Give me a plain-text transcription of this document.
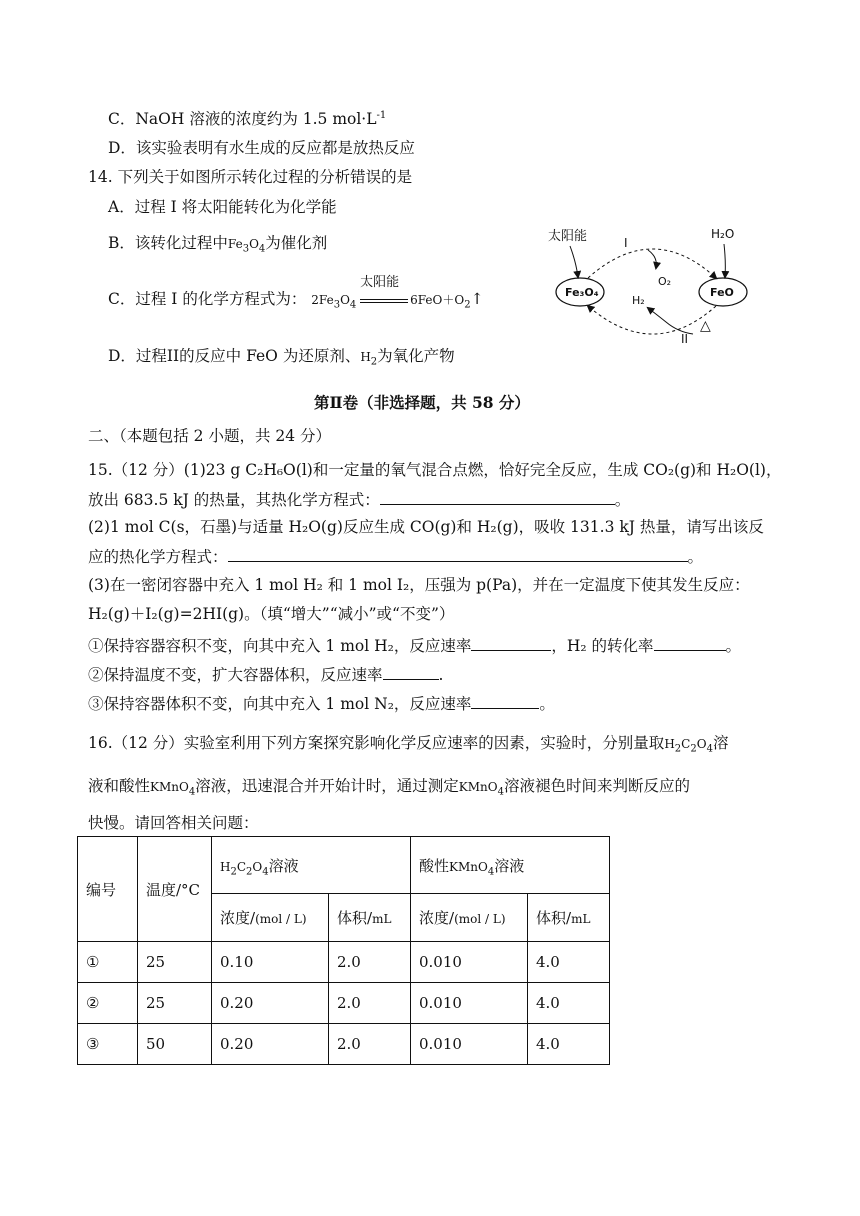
C．NaOH 溶液的浓度约为 1.5 $mol\cdot L^{-1}$
D．该实验表明有水生成的反应都是放热反应
14. 下列关于如图所示转化过程的分析错误的是
A．过程 I 将太阳能转化为化学能
B．该转化过程中$Fe_3O_4$为催化剂
C．过程 I 的化学方程式为： $2Fe_3O_4$
太阳能
$6FeO+O_2↑$
D．过程II的反应中 FeO 为还原剂、$H_2$为氧化产物
太阳能	I
H₂O
O₂
H₂
II
△
Fe₃O₄	FeO
第Ⅱ卷（非选择题，共 58 分）
二、（本题包括 2 小题，共 24 分）
15.（12 分）(1)23 g C₂H₆O(l)和一定量的氧气混合点燃，恰好完全反应，生成 CO₂(g)和 H₂O(l)，
放出 683.5 kJ 的热量，其热化学方程式：	。
(2)1 mol C(s，石墨)与适量 H₂O(g)反应生成 CO(g)和 H₂(g)，吸收 131.3 kJ 热量，请写出该反
应的热化学方程式：	。
(3)在一密闭容器中充入 1 mol H₂ 和 1 mol I₂，压强为 p(Pa)，并在一定温度下使其发生反应：
H₂(g)＋I₂(g)=2HI(g)。（填“增大”“减小”或“不变”）
①保持容器容积不变，向其中充入 1 mol H₂，反应速率	，H₂ 的转化率	。
②保持温度不变，扩大容器体积，反应速率	.
③保持容器体积不变，向其中充入 1 mol N₂，反应速率	。
16.（12 分）实验室利用下列方案探究影响化学反应速率的因素，实验时，分别量取$H_2C_2O_4$溶
液和酸性KMnO$_4$溶液，迅速混合并开始计时，通过测定KMnO$_4$溶液褪色时间来判断反应的
快慢。请回答相关问题：
编号	温度/°C	$H_2C_2O_4$溶液		酸性KMnO$_4$溶液	
		浓度/(mol / L)	体积/mL	浓度/(mol / L)	体积/mL
①	25	0.10	2.0	0.010	4.0
②	25	0.20	2.0	0.010	4.0
③	50	0.20	2.0	0.010	4.0
